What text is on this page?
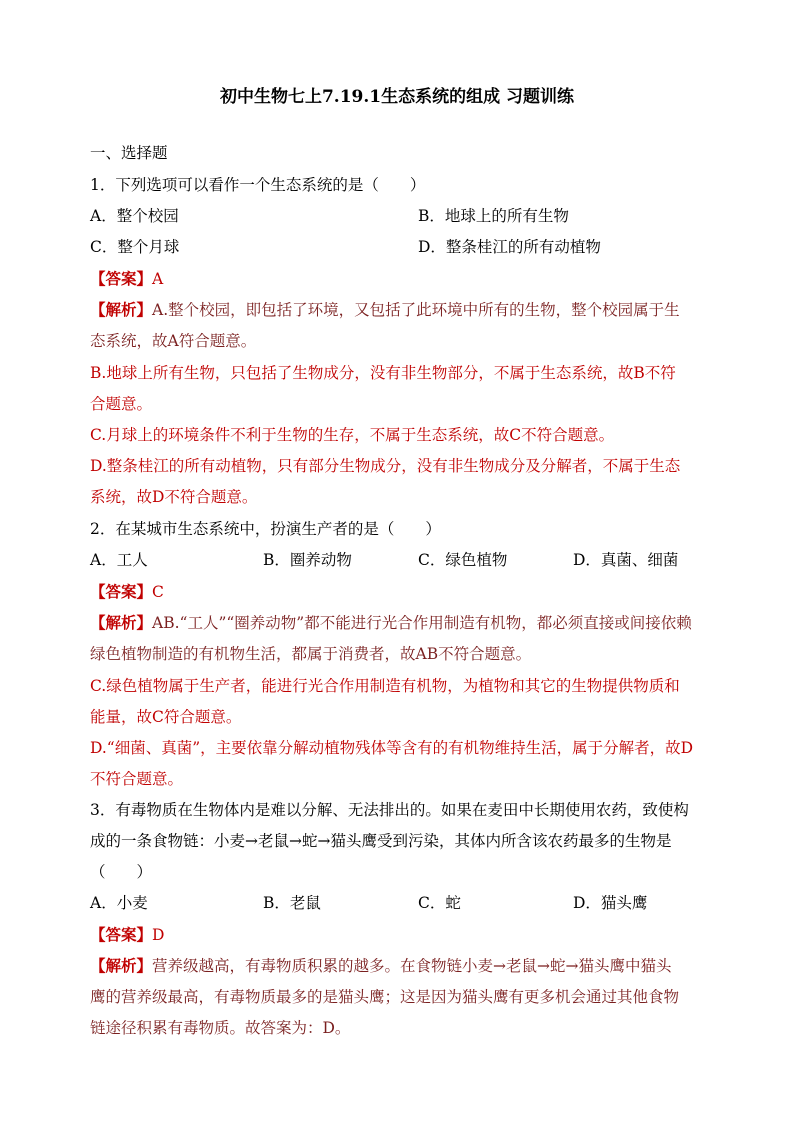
初中生物七上7.19.1生态系统的组成 习题训练
一、选择题
1．下列选项可以看作一个生态系统的是（　　）
A．整个校园	B．地球上的所有生物
C．整个月球	D．整条桂江的所有动植物
【答案】A
【解析】A.整个校园，即包括了环境，又包括了此环境中所有的生物，整个校园属于生
态系统，故A符合题意。
B.地球上所有生物，只包括了生物成分，没有非生物部分，不属于生态系统，故B不符
合题意。
C.月球上的环境条件不利于生物的生存，不属于生态系统，故C不符合题意。
D.整条桂江的所有动植物，只有部分生物成分，没有非生物成分及分解者，不属于生态
系统，故D不符合题意。
2．在某城市生态系统中，扮演生产者的是（　　）
A．工人	B．圈养动物	C．绿色植物	D．真菌、细菌
【答案】C
【解析】AB.“工人”“圈养动物”都不能进行光合作用制造有机物，都必须直接或间接依赖
绿色植物制造的有机物生活，都属于消费者，故AB不符合题意。
C.绿色植物属于生产者，能进行光合作用制造有机物，为植物和其它的生物提供物质和
能量，故C符合题意。
D.“细菌、真菌”，主要依靠分解动植物残体等含有的有机物维持生活，属于分解者，故D
不符合题意。
3．有毒物质在生物体内是难以分解、无法排出的。如果在麦田中长期使用农药，致使构
成的一条食物链：小麦→老鼠→蛇→猫头鹰受到污染，其体内所含该农药最多的生物是
（　　）
A．小麦	B．老鼠	C．蛇	D．猫头鹰
【答案】D
【解析】营养级越高，有毒物质积累的越多。在食物链小麦→老鼠→蛇→猫头鹰中猫头
鹰的营养级最高，有毒物质最多的是猫头鹰；这是因为猫头鹰有更多机会通过其他食物
链途径积累有毒物质。故答案为：D。
